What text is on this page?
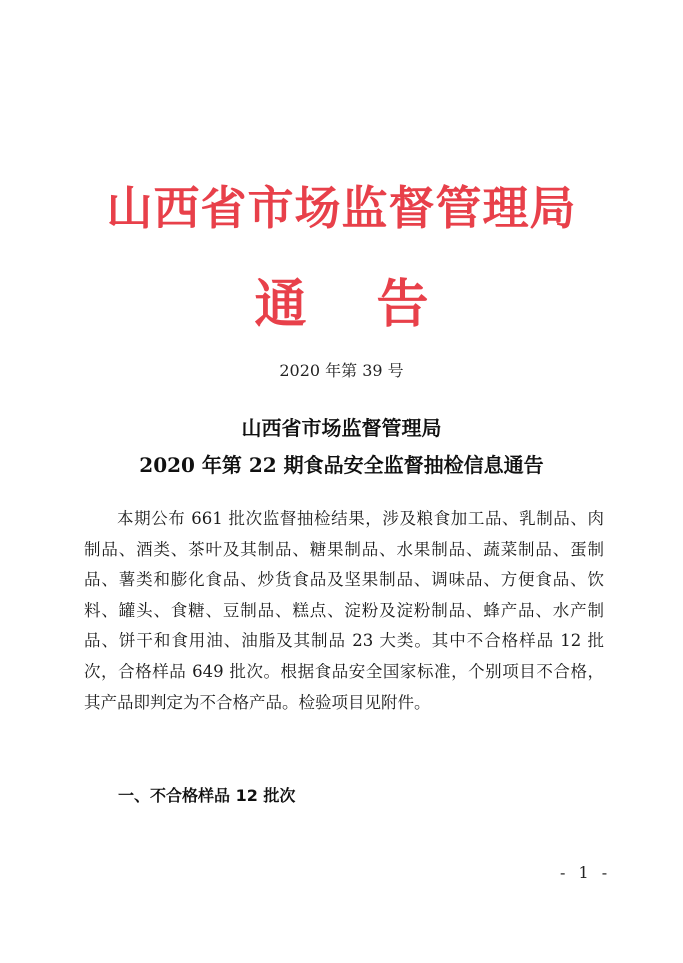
山西省市场监督管理局
通告
2020 年第 39 号
山西省市场监督管理局
2020 年第 22 期食品安全监督抽检信息通告
本期公布 661 批次监督抽检结果，涉及粮食加工品、乳制品、肉制品、酒类、茶叶及其制品、糖果制品、水果制品、蔬菜制品、蛋制品、薯类和膨化食品、炒货食品及坚果制品、调味品、方便食品、饮料、罐头、食糖、豆制品、糕点、淀粉及淀粉制品、蜂产品、水产制品、饼干和食用油、油脂及其制品 23 大类。其中不合格样品 12 批次，合格样品 649 批次。根据食品安全国家标准，个别项目不合格，其产品即判定为不合格产品。检验项目见附件。
一、不合格样品 12 批次
- 1 -
